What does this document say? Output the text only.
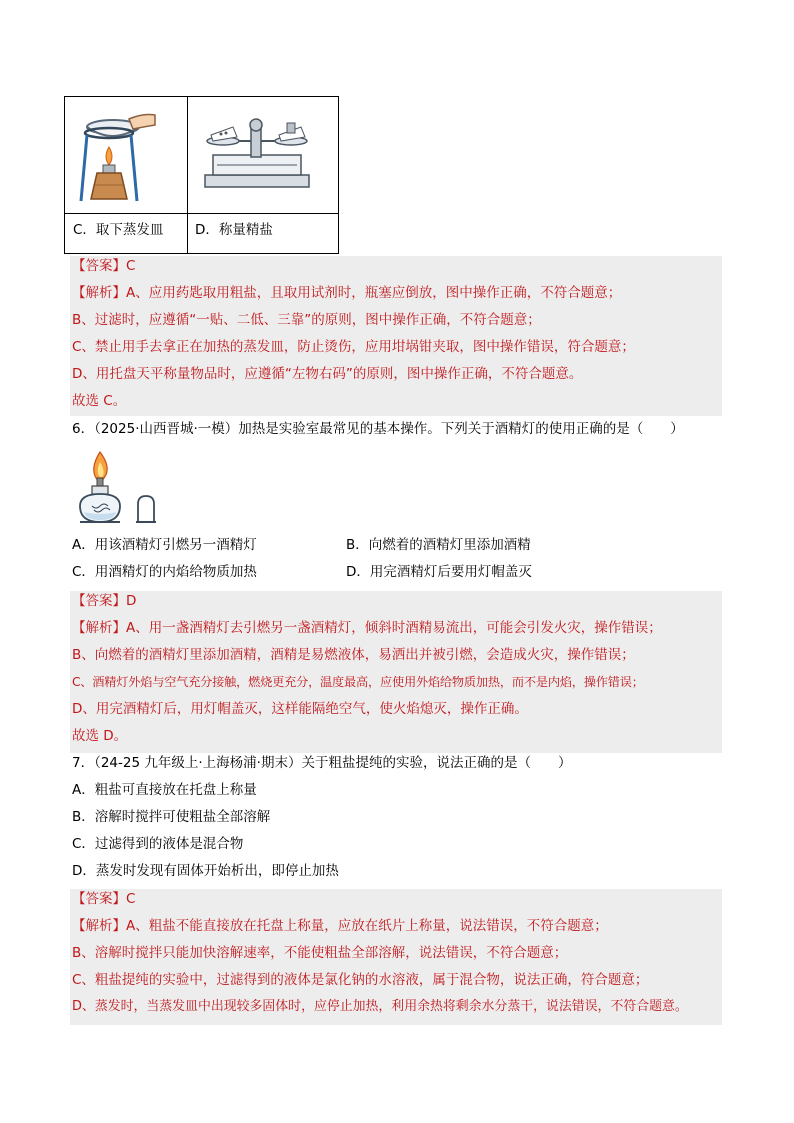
C．取下蒸发皿 D．称量精盐
【答案】C
【解析】A、应用药匙取用粗盐，且取用试剂时，瓶塞应倒放，图中操作正确，不符合题意；
B、过滤时，应遵循“一贴、二低、三靠”的原则，图中操作正确，不符合题意；
C、禁止用手去拿正在加热的蒸发皿，防止烫伤，应用坩埚钳夹取，图中操作错误，符合题意；
D、用托盘天平称量物品时，应遵循“左物右码”的原则，图中操作正确，不符合题意。
故选 C。
6．（2025·山西晋城·一模）加热是实验室最常见的基本操作。下列关于酒精灯的使用正确的是（　　）
A．用该酒精灯引燃另一酒精灯	B．向燃着的酒精灯里添加酒精
C．用酒精灯的内焰给物质加热	D．用完酒精灯后要用灯帽盖灭
【答案】D
【解析】A、用一盏酒精灯去引燃另一盏酒精灯，倾斜时酒精易流出，可能会引发火灾，操作错误；
B、向燃着的酒精灯里添加酒精，酒精是易燃液体，易洒出并被引燃，会造成火灾，操作错误；
C、酒精灯外焰与空气充分接触，燃烧更充分，温度最高，应使用外焰给物质加热，而不是内焰，操作错误；
D、用完酒精灯后，用灯帽盖灭，这样能隔绝空气，使火焰熄灭，操作正确。
故选 D。
7．（24-25 九年级上·上海杨浦·期末）关于粗盐提纯的实验，说法正确的是（　　）
A．粗盐可直接放在托盘上称量
B．溶解时搅拌可使粗盐全部溶解
C．过滤得到的液体是混合物
D．蒸发时发现有固体开始析出，即停止加热
【答案】C
【解析】A、粗盐不能直接放在托盘上称量，应放在纸片上称量，说法错误，不符合题意；
B、溶解时搅拌只能加快溶解速率，不能使粗盐全部溶解，说法错误，不符合题意；
C、粗盐提纯的实验中，过滤得到的液体是氯化钠的水溶液，属于混合物，说法正确，符合题意；
D、蒸发时，当蒸发皿中出现较多固体时，应停止加热，利用余热将剩余水分蒸干，说法错误，不符合题意。
